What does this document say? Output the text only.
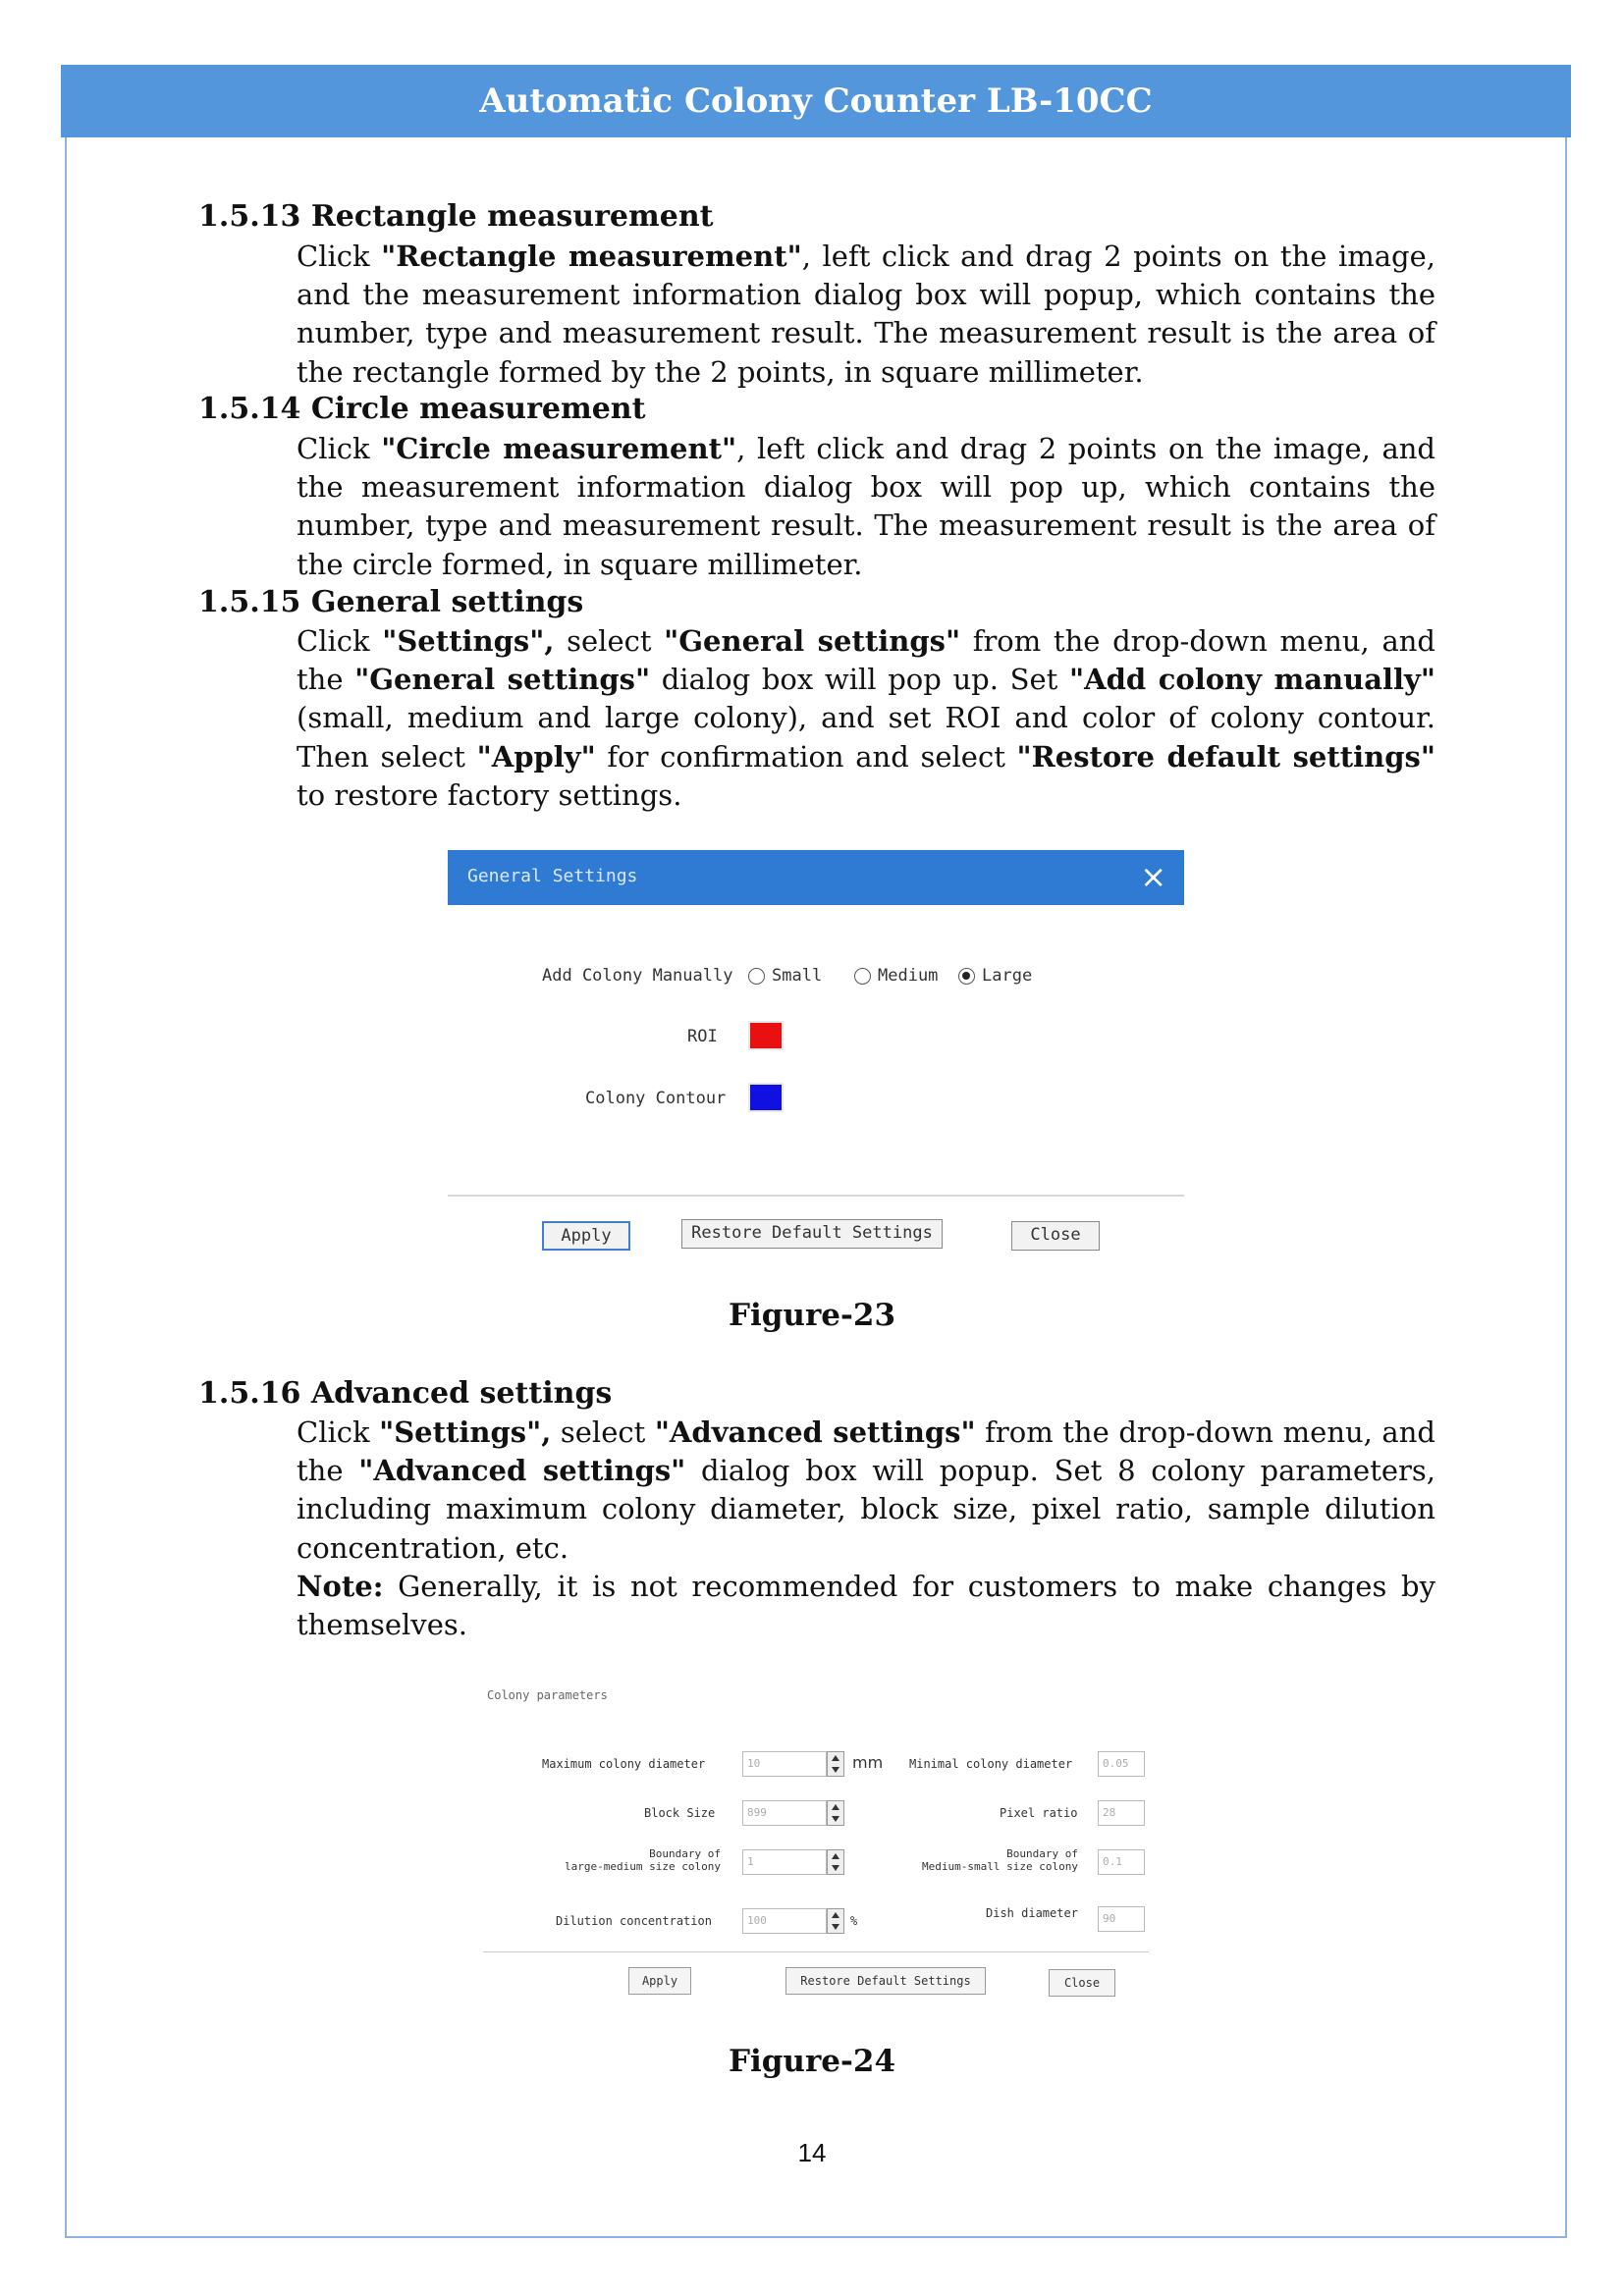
Automatic Colony Counter LB-10CC
1.5.13 Rectangle measurement
Click "Rectangle measurement", left click and drag 2 points on the image, and the measurement information dialog box will popup, which contains the number, type and measurement result. The measurement result is the area of the rectangle formed by the 2 points, in square millimeter.
1.5.14 Circle measurement
Click "Circle measurement", left click and drag 2 points on the image, and the measurement information dialog box will pop up, which contains the number, type and measurement result. The measurement result is the area of the circle formed, in square millimeter.
1.5.15 General settings
Click "Settings", select "General settings" from the drop-down menu, and the "General settings" dialog box will pop up. Set "Add colony manually" (small, medium and large colony), and set ROI and color of colony contour. Then select "Apply" for confirmation and select "Restore default settings" to restore factory settings.
General Settings	×
Add Colony Manually Small	Medium	Large
ROI
Colony Contour
Apply	Restore Default Settings	Close
Figure-23
1.5.16 Advanced settings
Click "Settings", select "Advanced settings" from the drop-down menu, and the "Advanced settings" dialog box will popup. Set 8 colony parameters, including maximum colony diameter, block size, pixel ratio, sample dilution concentration, etc.
Note: Generally, it is not recommended for customers to make changes by themselves.
Colony parameters
Maximum colony diameter	10	mm Minimal colony diameter	0.05
Block Size	899	Pixel ratio	28
Boundary of
large-medium size colony	1
Boundary of
Medium-small size colony	0.1
Dilution concentration	100	%
Dish diameter	90
Apply	Restore Default Settings	Close
Figure-24
14
